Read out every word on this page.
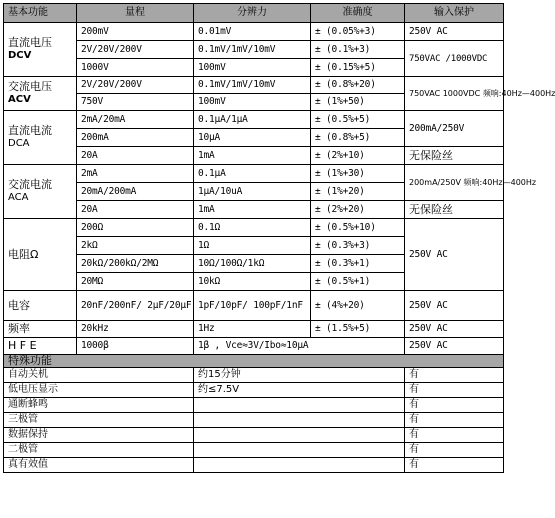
基本功能	量程	分辨力	准确度	输入保护
直流电压
DCV	200mV	0.01mV	± (0.05%+3)	250V AC
	2V/20V/200V	0.1mV/1mV/10mV	± (0.1%+3)	750VAC /1000VDC
	1000V	100mV	± (0.15%+5)	
交流电压
ACV	2V/20V/200V	0.1mV/1mV/10mV	± (0.8%+20)	750VAC 1000VDC 频响:40Hz—400Hz
	750V	100mV	± (1%+50)	
直流电流
DCA	2mA/20mA	0.1μA/1μA	± (0.5%+5)	200mA/250V
	200mA	10μA	± (0.8%+5)	
	20A	1mA	± (2%+10)	无保险丝
交流电流
ACA	2mA	0.1μA	± (1%+30)	200mA/250V 频响:40Hz—400Hz
	20mA/200mA	1μA/10uA	± (1%+20)	
	20A	1mA	± (2%+20)	无保险丝
电阻Ω	200Ω	0.1Ω	± (0.5%+10)	250V AC
	2kΩ	1Ω	± (0.3%+3)	
	20kΩ/200kΩ/2MΩ	10Ω/100Ω/1kΩ	± (0.3%+1)	
	20MΩ	10kΩ	± (0.5%+1)	
电容	20nF/200nF/ 2μF/20μF	1pF/10pF/ 100pF/1nF	± (4%+20)	250V AC
频率	20kHz	1Hz	± (1.5%+5)	250V AC
H F E	1000β	1β , Vce≈3V/Ibo≈10μA		250V AC
特殊功能				
自动关机		约15分钟		有
低电压显示		约≤7.5V		有
通断蜂鸣				有
三极管				有
数据保持				有
二极管				有
真有效值				有
